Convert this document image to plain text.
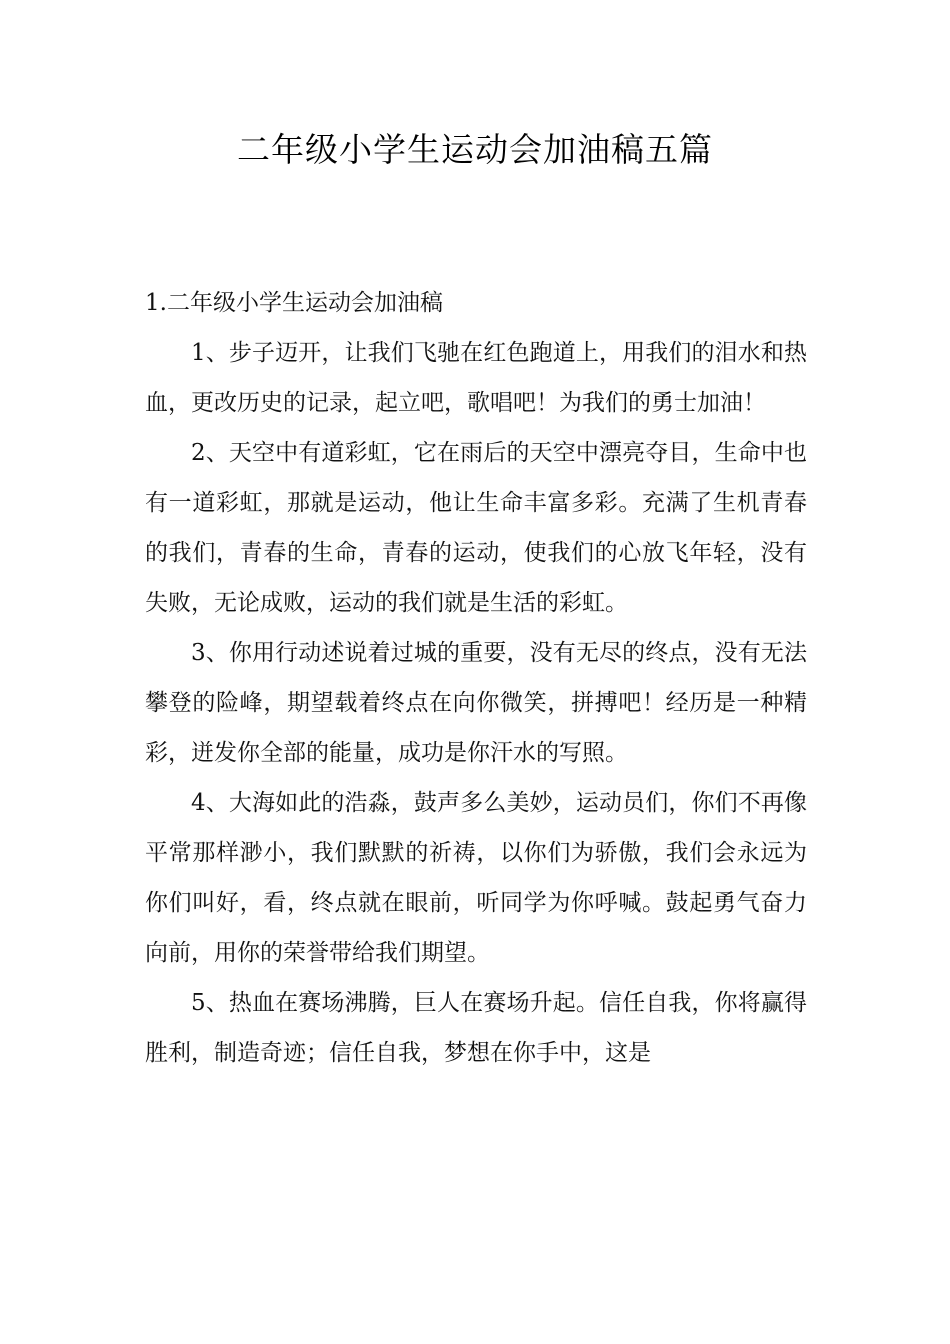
二年级小学生运动会加油稿五篇
1.二年级小学生运动会加油稿

1、步子迈开，让我们飞驰在红色跑道上，用我们的泪水和热血，更改历史的记录，起立吧，歌唱吧！为我们的勇士加油！

2、天空中有道彩虹，它在雨后的天空中漂亮夺目，生命中也有一道彩虹，那就是运动，他让生命丰富多彩。充满了生机青春的我们，青春的生命，青春的运动，使我们的心放飞年轻，没有失败，无论成败，运动的我们就是生活的彩虹。

3、你用行动述说着过城的重要，没有无尽的终点，没有无法攀登的险峰，期望载着终点在向你微笑，拼搏吧！经历是一种精彩，迸发你全部的能量，成功是你汗水的写照。

4、大海如此的浩淼，鼓声多么美妙，运动员们，你们不再像平常那样渺小，我们默默的祈祷，以你们为骄傲，我们会永远为你们叫好，看，终点就在眼前，听同学为你呼喊。鼓起勇气奋力向前，用你的荣誉带给我们期望。

5、热血在赛场沸腾，巨人在赛场升起。信任自我，你将赢得胜利，制造奇迹；信任自我，梦想在你手中，这是
